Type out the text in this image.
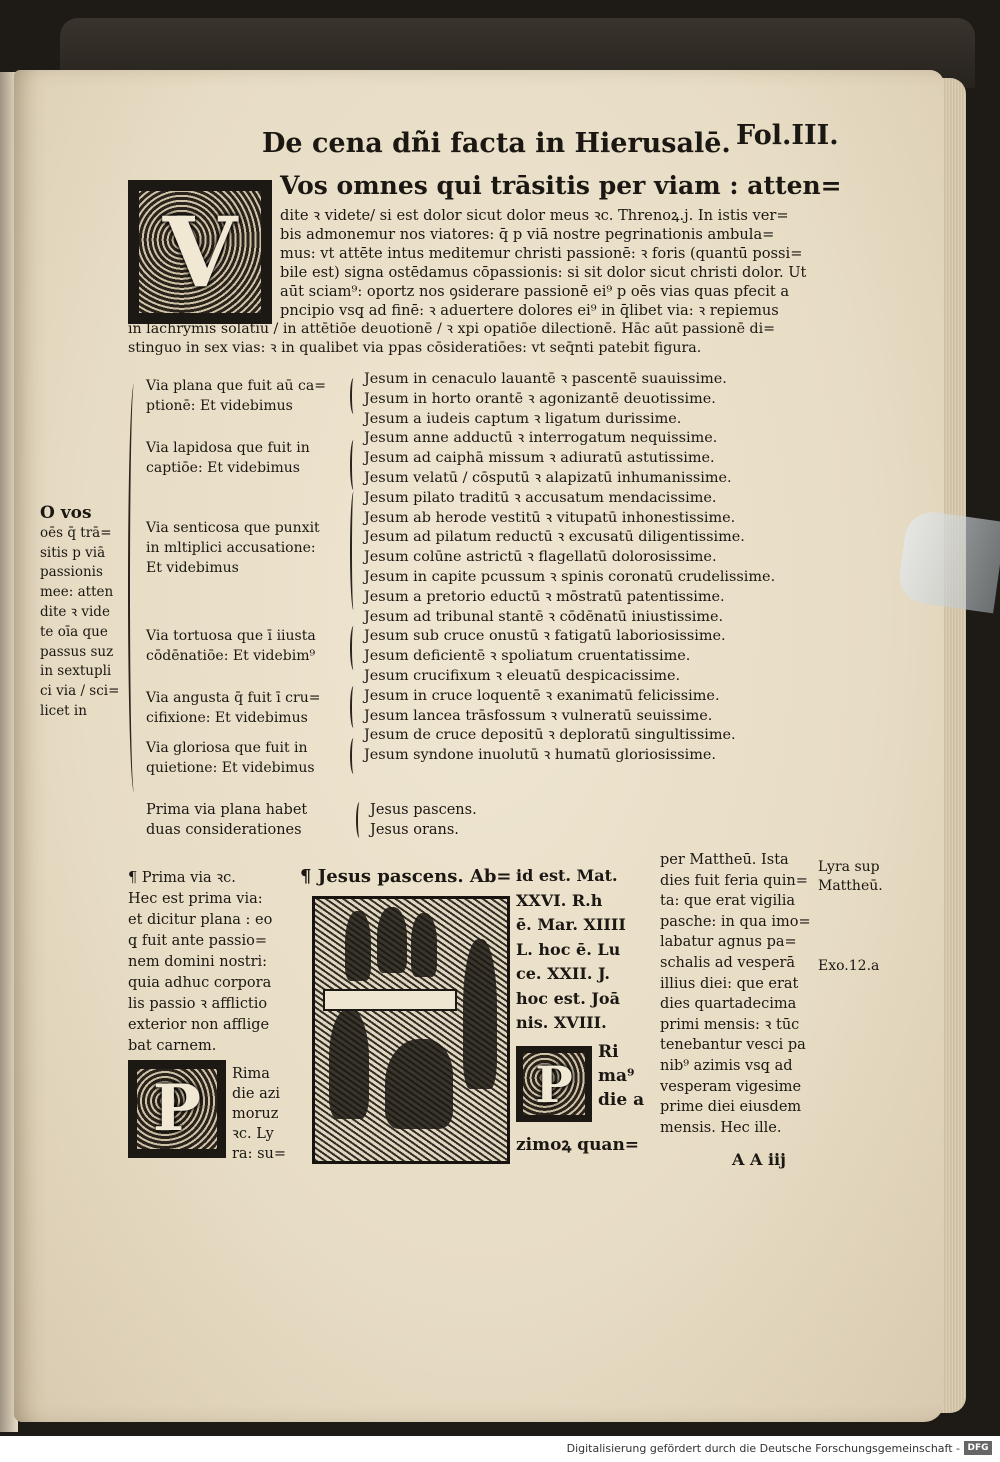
De cena dñi facta in Hierusalē. Fol.III.
V
Vos omnes qui trāsitis per viam : atten=
dite ꝛ videte/ si est dolor sicut dolor meus ꝛc. Threnoꝝ.j. In istis ver=
bis admonemur nos viatores: q̄ p viā nostre pegrinationis ambula=
mus: vt attēte intus meditemur christi passionē: ꝛ foris (quantū possi=
bile est) signa ostēdamus cōpassionis: si sit dolor sicut christi dolor. Ut
aūt sciam⁹: oportz nos ꝯsiderare passionē ei⁹ p oēs vias quas pfecit a
pncipio vsq̧ ad finē: ꝛ aduertere dolores ei⁹ in q̄libet via: ꝛ repiemus
in lachrymis solatiū / in attētiōe deuotionē / ꝛ xpi opatiōe dilectionē. Hāc aūt passionē di=
stinguo in sex vias: ꝛ in qualibet via ppas cōsideratiōes: vt seq̄nti patebit figura.
O vos
oēs q̄ trā=
sitis p viā
passionis
mee: atten
dite ꝛ vide
te oīa que
passus suz
in sextupli
ci via / sci=
licet in
Via plana que fuit aū ca=
ptionē: Et videbimus
Via lapidosa que fuit in
captiōe: Et videbimus
Via senticosa que punxit
in mltiplici accusatione:
Et videbimus
Via tortuosa que ī iiusta
cōdēnatiōe: Et videbim⁹
Via angusta q̄ fuit ī cru=
cifixione: Et videbimus
Via gloriosa que fuit in
quietione: Et videbimus
Jesum in cenaculo lauantē ꝛ pascentē suauissime.
Jesum in horto orantē ꝛ agonizantē deuotissime.
Jesum a iudeis captum ꝛ ligatum durissime.
Jesum anne adductū ꝛ interrogatum nequissime.
Jesum ad caiphā missum ꝛ adiuratū astutissime.
Jesum velatū / cōsputū ꝛ alapizatū inhumanissime.
Jesum pilato traditū ꝛ accusatum mendacissime.
Jesum ab herode vestitū ꝛ vitupatū inhonestissime.
Jesum ad pilatum reductū ꝛ excusatū diligentissime.
Jesum colūne astrictū ꝛ flagellatū dolorosissime.
Jesum in capite pcussum ꝛ spinis coronatū crudelissime.
Jesum a pretorio eductū ꝛ mōstratū patentissime.
Jesum ad tribunal stantē ꝛ cōdēnatū iniustissime.
Jesum sub cruce onustū ꝛ fatigatū laboriosissime.
Jesum deficientē ꝛ spoliatum cruentatissime.
Jesum crucifixum ꝛ eleuatū despicacissime.
Jesum in cruce loquentē ꝛ exanimatū felicissime.
Jesum lancea trāsfossum ꝛ vulneratū seuissime.
Jesum de cruce depositū ꝛ deploratū singultissime.
Jesum syndone inuolutū ꝛ humatū gloriosissime.
Prima via plana habet
duas considerationes
Jesus pascens.
Jesus orans.
¶ Prima via ꝛc.
Hec est prima via:
et dicitur plana : eo
q̧ fuit ante passio=
nem domini nostri:
quia adhuc corpora
lis passio ꝛ afflictio
exterior non afflige
bat carnem.
P Rima
die azi
moruz
ꝛc. Ly
ra: su=
¶ Jesus pascens. Ab= id est. Mat.
XXVI. R.h
ē. Mar. XIIII
L. hoc ē. Lu
ce. XXII. J.
hoc est. Joā
nis. XVIII.
P
Ri
ma⁹
die a
zimoꝝ quan=
per Mattheū. Ista
dies fuit feria quin=
ta: que erat vigilia
pasche: in qua imo=
labatur agnus pa=
schalis ad vesperā
illius diei: que erat
dies quartadecima
primi mensis: ꝛ tūc
tenebantur vesci pa
nib⁹ azimis vsq̧ ad
vesperam vigesime
prime diei eiusdem
mensis. Hec ille.
Lyra sup
Mattheū.
Exo.12.a
A A iij
Digitalisierung gefördert durch die Deutsche Forschungsgemeinschaft - DFG
